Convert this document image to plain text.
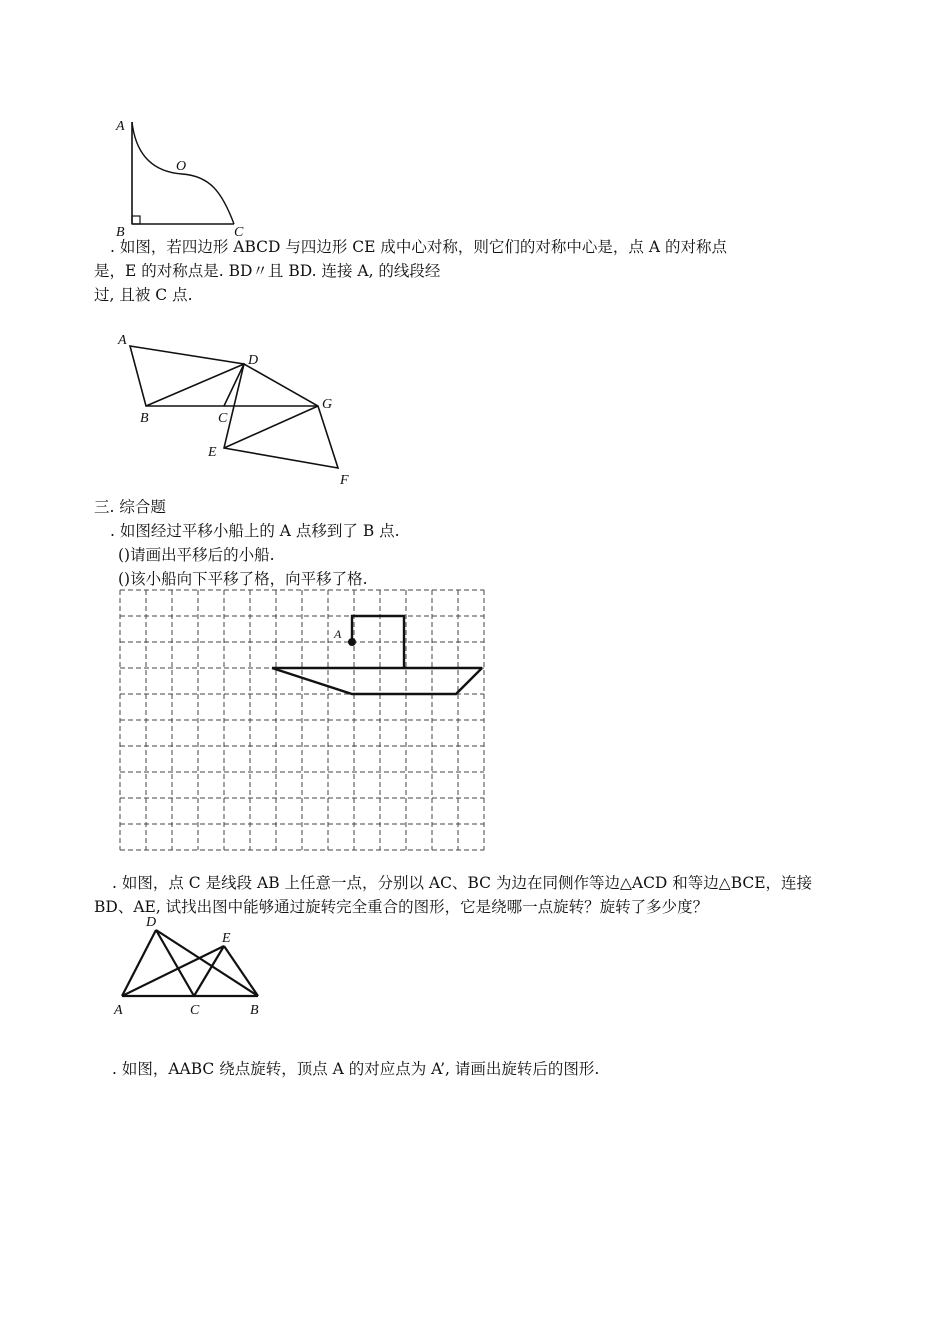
A
O
B	C
. 如图，若四边形 ABCD 与四边形 CE 成中心对称，则它们的对称中心是，点 A 的对称点
是，E 的对称点是. BD〃且 BD. 连接 A, 的线段经
过, 且被 C 点.
A
D
B	C
G
E
F
三. 综合题
. 如图经过平移小船上的 A 点移到了 B 点.
()请画出平移后的小船.
()该小船向下平移了格，向平移了格.
A
. 如图，点 C 是线段 AB 上任意一点，分别以 AC、BC 为边在同侧作等边△ACD 和等边△BCE，连接
BD、AE, 试找出图中能够通过旋转完全重合的图形，它是绕哪一点旋转？旋转了多少度？
D
E
A	C	B
. 如图，AABC 绕点旋转，顶点 A 的对应点为 A’, 请画出旋转后的图形.
